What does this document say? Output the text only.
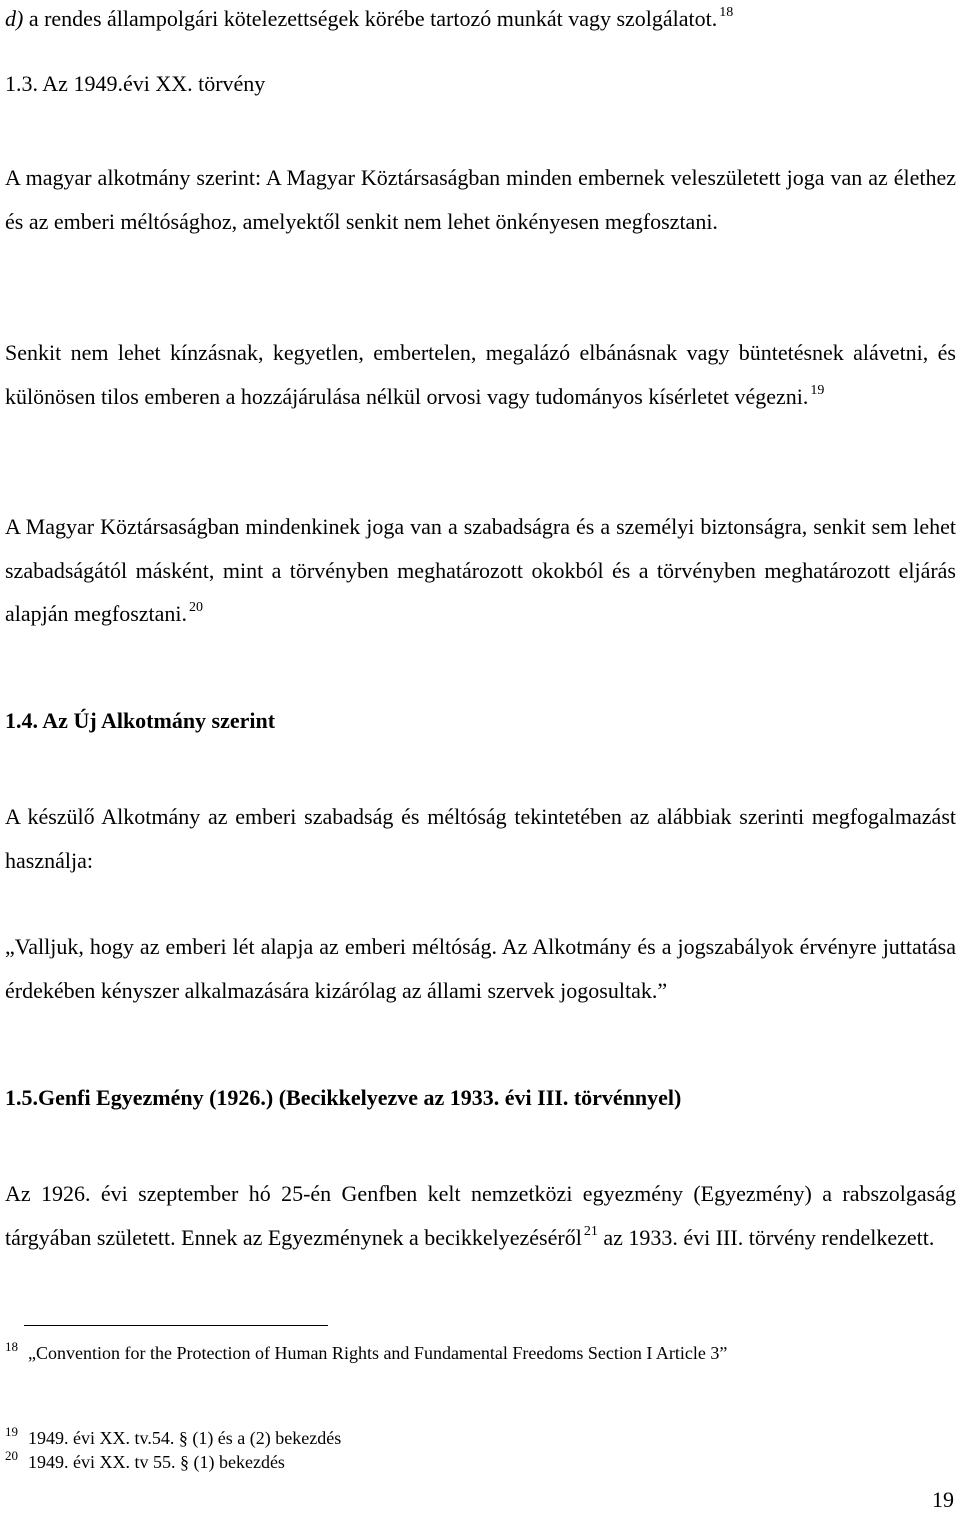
d) a rendes állampolgári kötelezettségek körébe tartozó munkát vagy szolgálatot. $^{18}$
1.3. Az 1949.évi XX. törvény
A magyar alkotmány szerint: A Magyar Köztársaságban minden embernek veleszületett joga van az élethez és az emberi méltósághoz, amelyektől senkit nem lehet önkényesen megfosztani.
Senkit nem lehet kínzásnak, kegyetlen, embertelen, megalázó elbánásnak vagy büntetésnek alávetni, és különösen tilos emberen a hozzájárulása nélkül orvosi vagy tudományos kísérletet végezni. $^{19}$
A Magyar Köztársaságban mindenkinek joga van a szabadságra és a személyi biztonságra, senkit sem lehet szabadságától másként, mint a törvényben meghatározott okokból és a törvényben meghatározott eljárás alapján megfosztani. $^{20}$
1.4. Az Új Alkotmány szerint
A készülő Alkotmány az emberi szabadság és méltóság tekintetében az alábbiak szerinti megfogalmazást használja:
„Valljuk, hogy az emberi lét alapja az emberi méltóság. Az Alkotmány és a jogszabályok érvényre juttatása érdekében kényszer alkalmazására kizárólag az állami szervek jogosultak.”
1.5.Genfi Egyezmény (1926.) (Becikkelyezve az 1933. évi III. törvénnyel)
Az 1926. évi szeptember hó 25-én Genfben kelt nemzetközi egyezmény (Egyezmény) a rabszolgaság tárgyában született. Ennek az Egyezménynek a becikkelyezéséről $^{21}$ az 1933. évi III. törvény rendelkezett.
$^{18}$ „Convention for the Protection of Human Rights and Fundamental Freedoms Section I Article 3”
$^{19}$ 1949. évi XX. tv.54. § (1) és a (2) bekezdés
$^{20}$ 1949. évi XX. tv 55. § (1) bekezdés
19
